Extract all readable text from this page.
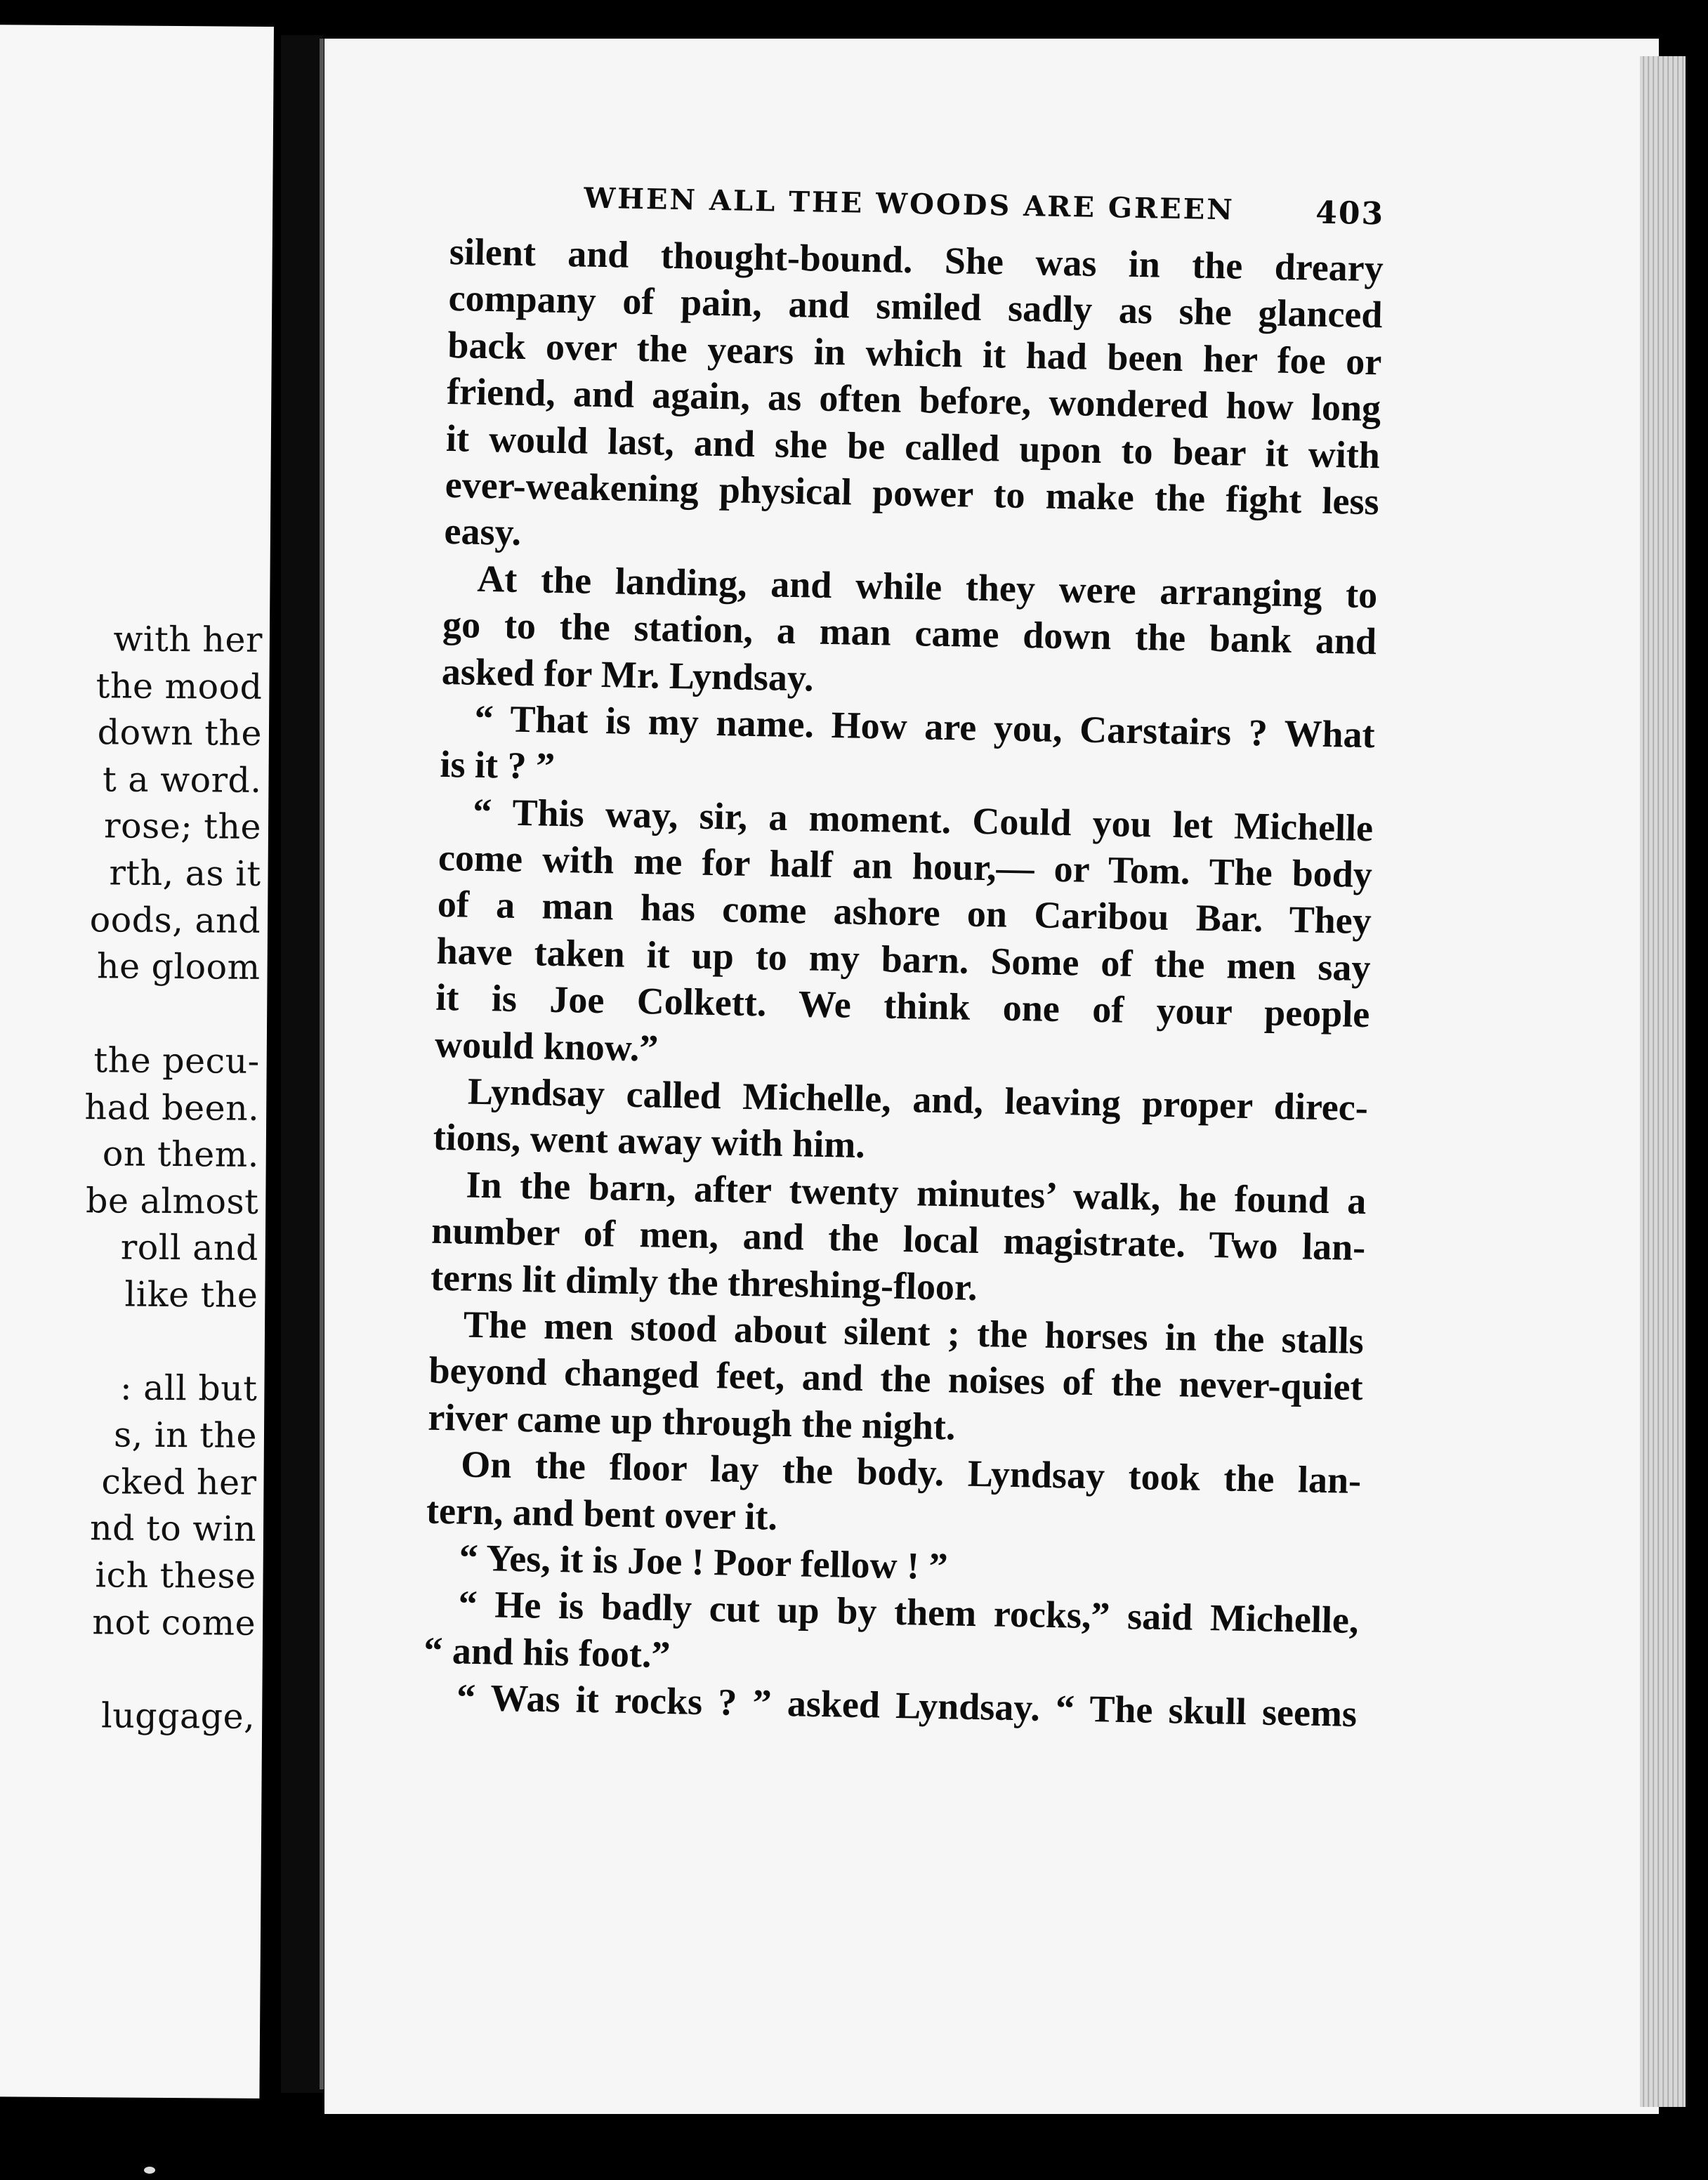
with her
the mood
down the
t a word.
rose; the
rth, as it
oods, and
he gloom
the pecu-
had been.
on them.
be almost
roll and
like the
: all but
s, in the
cked her
nd to win
ich these
not come
luggage,
WHEN ALL THE WOODS ARE GREEN	403
silent and thought-bound. She was in the dreary
company of pain, and smiled sadly as she glanced
back over the years in which it had been her foe or
friend, and again, as often before, wondered how long
it would last, and she be called upon to bear it with
ever-weakening physical power to make the fight less
easy.
At the landing, and while they were arranging to
go to the station, a man came down the bank and
asked for Mr. Lyndsay.
“ That is my name. How are you, Carstairs ? What
is it ? ”
“ This way, sir, a moment. Could you let Michelle
come with me for half an hour,— or Tom. The body
of a man has come ashore on Caribou Bar. They
have taken it up to my barn. Some of the men say
it is Joe Colkett. We think one of your people
would know.”
Lyndsay called Michelle, and, leaving proper direc-
tions, went away with him.
In the barn, after twenty minutes’ walk, he found a
number of men, and the local magistrate. Two lan-
terns lit dimly the threshing-floor.
The men stood about silent ; the horses in the stalls
beyond changed feet, and the noises of the never-quiet
river came up through the night.
On the floor lay the body. Lyndsay took the lan-
tern, and bent over it.
“ Yes, it is Joe ! Poor fellow ! ”
“ He is badly cut up by them rocks,” said Michelle,
“ and his foot.”
“ Was it rocks ? ” asked Lyndsay. “ The skull seems
